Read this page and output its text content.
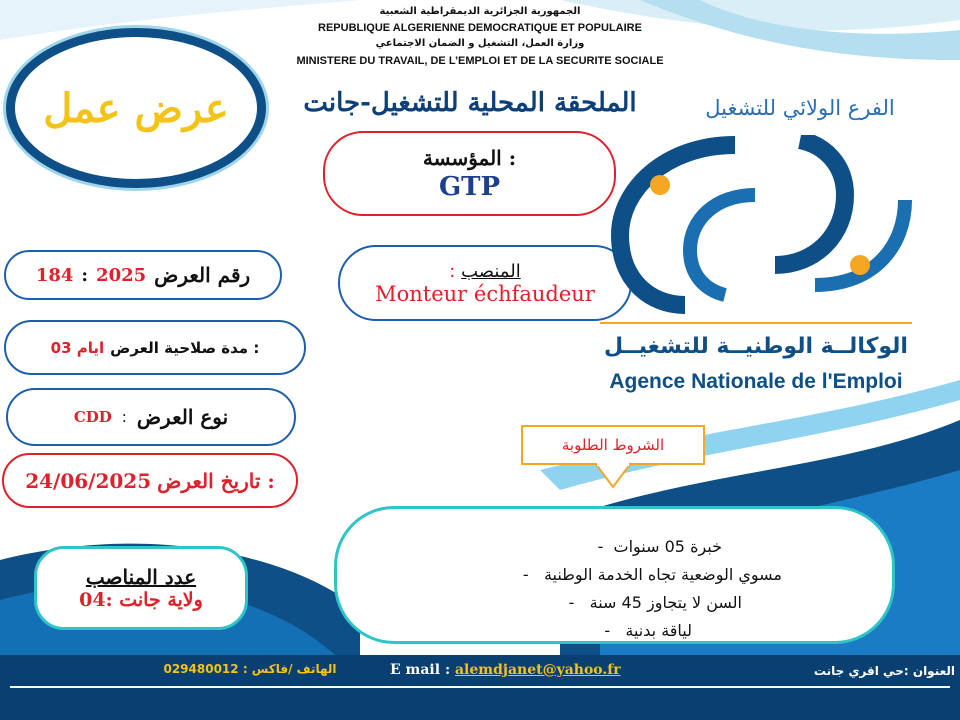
الجمهورية الجزائرية الديمقراطية الشعبية
REPUBLIQUE ALGERIENNE DEMOCRATIQUE ET POPULAIRE
وزارة العمل، التشغيل و الضمان الاجتماعي
MINISTERE DU TRAVAIL, DE L’EMPLOI ET DE LA SECURITE SOCIALE
عرض عمل	الملحقة المحلية للتشغيل-جانت	الفرع الولائي للتشغيل
المؤسسة :
GTP
: المنصب
Monteur échfaudeur
الوكالــة الوطنيــة للتشغيــل
Agence Nationale de l'Emploi
184 : 2025 رقم العرض
03 ايام مدة صلاحية العرض :
CDD : نوع العرض
24/06/2025 تاريخ العرض :
الشروط الطلوبة
خبرة 05 سنوات  -
مسوي الوضعية تجاه الخدمة الوطنية   -
السن لا يتجاوز 45 سنة   -
لياقة بدنية   -
عدد المناصب
ولاية جانت :04
العنوان :حي اقري جانت
E mail : alemdjanet@yahoo.fr
الهاتف /فاكس : 029480012
